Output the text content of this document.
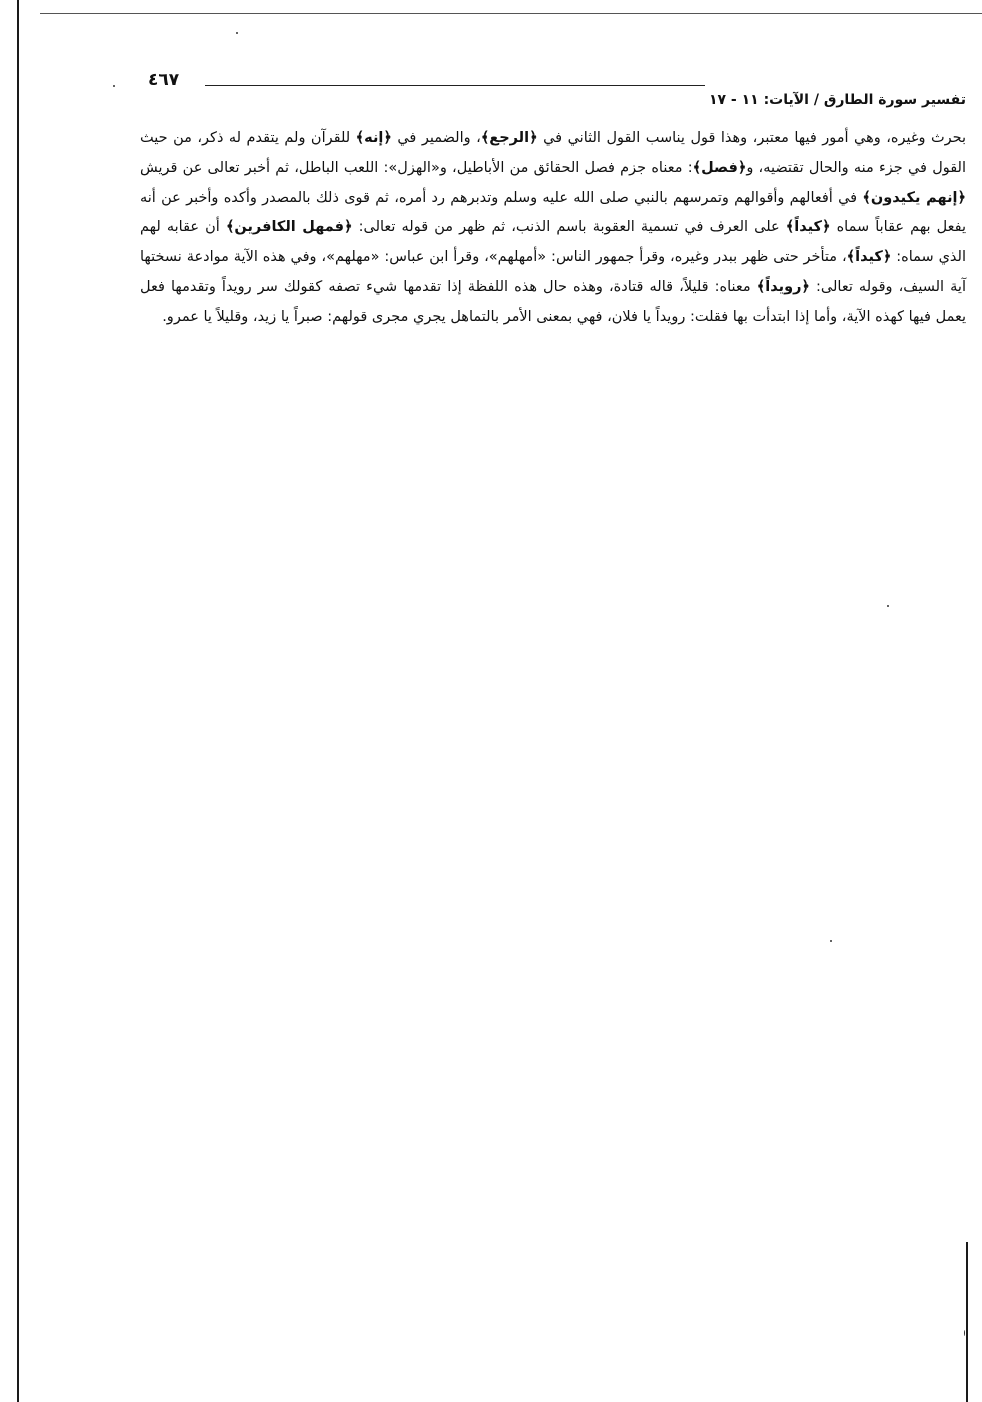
٤٦٧
تفسير سورة الطارق / الآيات: ١١ - ١٧

بحرث وغيره، وهي أمور فيها معتبر، وهذا قول يناسب القول الثاني في ﴿الرجع﴾، والضمير في ﴿إنه﴾ للقرآن ولم يتقدم له ذكر، من حيث القول في جزء منه والحال تقتضيه، و﴿فصل﴾: معناه جزم فصل الحقائق من الأباطيل، و«الهزل»: اللعب الباطل، ثم أخبر تعالى عن قريش ﴿إنهم يكيدون﴾ في أفعالهم وأقوالهم وتمرسهم بالنبي صلى الله عليه وسلم وتدبرهم رد أمره، ثم قوى ذلك بالمصدر وأكده وأخبر عن أنه يفعل بهم عقاباً سماه ﴿كيداً﴾ على العرف في تسمية العقوبة باسم الذنب، ثم ظهر من قوله تعالى: ﴿فمهل الكافرين﴾ أن عقابه لهم الذي سماه: ﴿كيداً﴾، متأخر حتى ظهر ببدر وغيره، وقرأ جمهور الناس: «أمهلهم»، وقرأ ابن عباس: «مهلهم»، وفي هذه الآية موادعة نسختها آية السيف، وقوله تعالى: ﴿رويداً﴾ معناه: قليلاً، قاله قتادة، وهذه حال هذه اللفظة إذا تقدمها شيء تصفه كقولك سر رويداً وتقدمها فعل يعمل فيها كهذه الآية، وأما إذا ابتدأت بها فقلت: رويداً يا فلان، فهي بمعنى الأمر بالتماهل يجري مجرى قولهم: صبراً يا زيد، وقليلاً يا عمرو.
